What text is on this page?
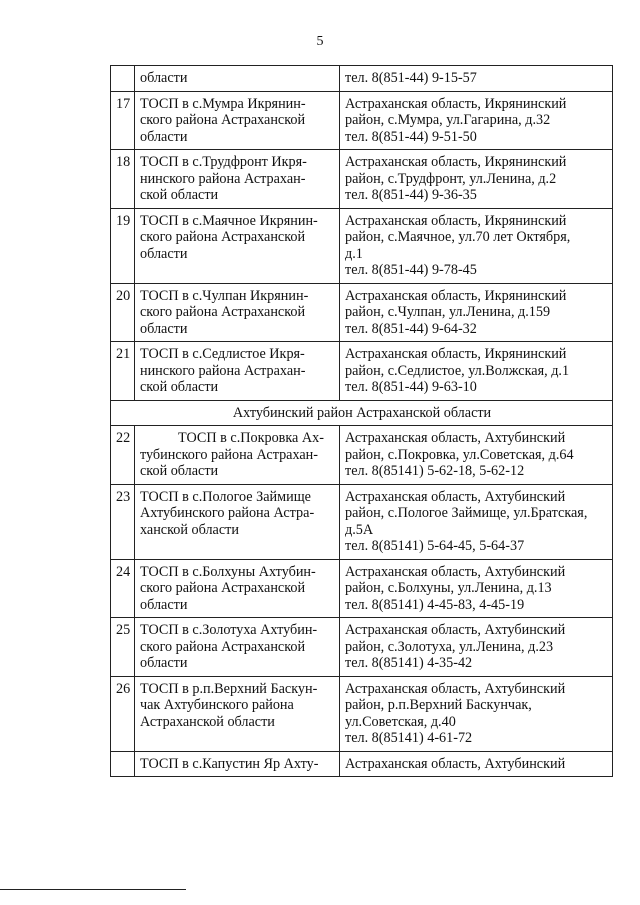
5
	области	тел. 8(851-44) 9-15-57
17	ТОСП в с.Мумра Икрянин-
ского района Астраханской
области	Астраханская область, Икрянинский
район, с.Мумра, ул.Гагарина, д.32
тел. 8(851-44) 9-51-50
18	ТОСП в с.Трудфронт Икря-
нинского района Астрахан-
ской области	Астраханская область, Икрянинский
район, с.Трудфронт, ул.Ленина, д.2
тел. 8(851-44) 9-36-35
19	ТОСП в с.Маячное Икрянин-
ского района Астраханской
области	Астраханская область, Икрянинский
район, с.Маячное, ул.70 лет Октября,
д.1
тел. 8(851-44) 9-78-45
20	ТОСП в с.Чулпан Икрянин-
ского района Астраханской
области	Астраханская область, Икрянинский
район, с.Чулпан, ул.Ленина, д.159
тел. 8(851-44) 9-64-32
21	ТОСП в с.Седлистое Икря-
нинского района Астрахан-
ской области	Астраханская область, Икрянинский
район, с.Седлистое, ул.Волжская, д.1
тел. 8(851-44) 9-63-10
Ахтубинский район Астраханской области		
22	ТОСП в с.Покровка Ах-
тубинского района Астрахан-
ской области	Астраханская область, Ахтубинский
район, с.Покровка, ул.Советская, д.64
тел. 8(85141) 5-62-18, 5-62-12
23	ТОСП в с.Пологое Займище
Ахтубинского района Астра-
ханской области	Астраханская область, Ахтубинский
район, с.Пологое Займище, ул.Братская,
д.5А
тел. 8(85141) 5-64-45, 5-64-37
24	ТОСП в с.Болхуны Ахтубин-
ского района Астраханской
области	Астраханская область, Ахтубинский
район, с.Болхуны, ул.Ленина, д.13
тел. 8(85141) 4-45-83, 4-45-19
25	ТОСП в с.Золотуха Ахтубин-
ского района Астраханской
области	Астраханская область, Ахтубинский
район, с.Золотуха, ул.Ленина, д.23
тел. 8(85141) 4-35-42
26	ТОСП в р.п.Верхний Баскун-
чак Ахтубинского района
Астраханской области	Астраханская область, Ахтубинский
район, р.п.Верхний Баскунчак,
ул.Советская, д.40
тел. 8(85141) 4-61-72
	ТОСП в с.Капустин Яр Ахту-	Астраханская область, Ахтубинский
